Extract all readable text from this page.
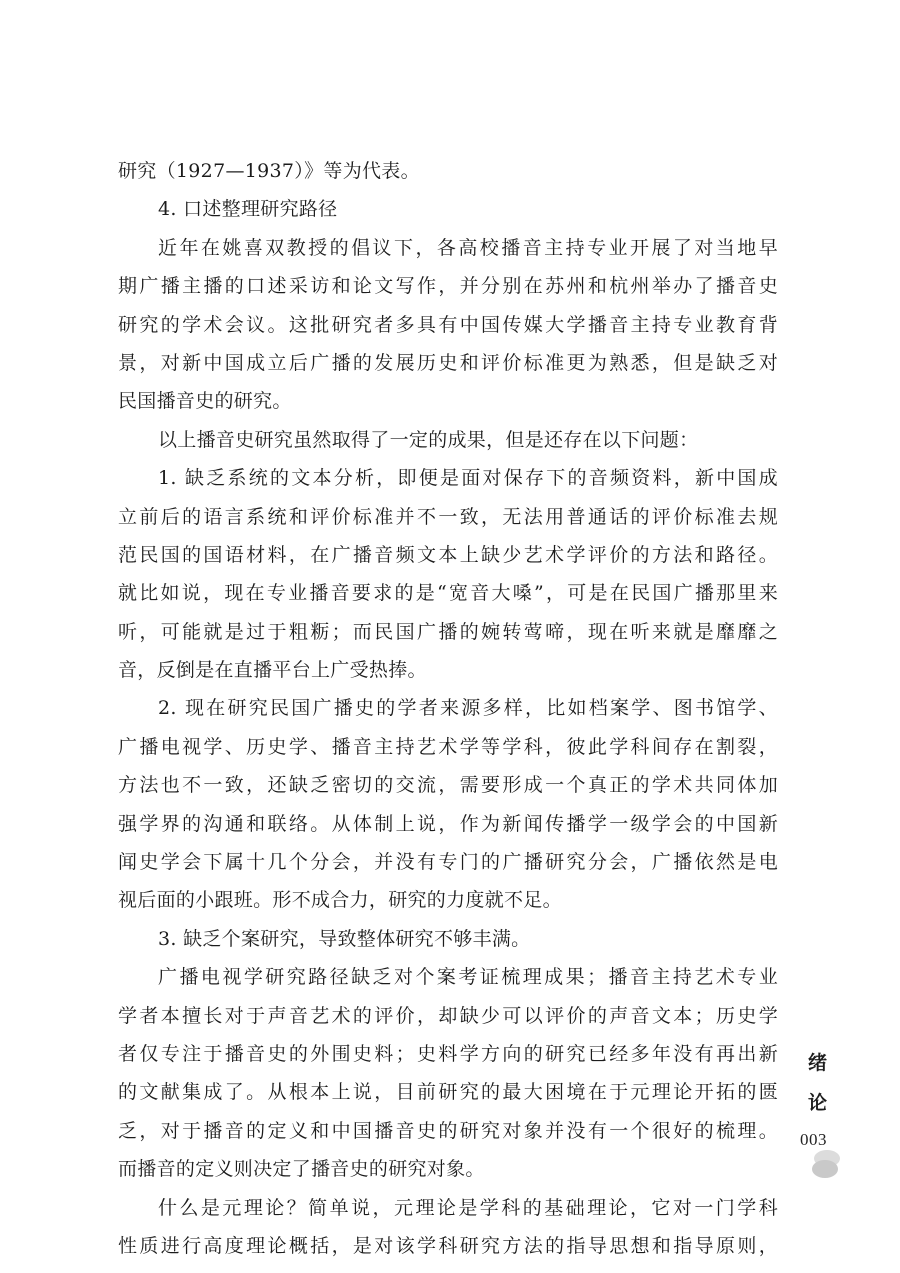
研究（1927—1937）》等为代表。
4. 口述整理研究路径
近年在姚喜双教授的倡议下，各高校播音主持专业开展了对当地早
期广播主播的口述采访和论文写作，并分别在苏州和杭州举办了播音史
研究的学术会议。这批研究者多具有中国传媒大学播音主持专业教育背
景，对新中国成立后广播的发展历史和评价标准更为熟悉，但是缺乏对
民国播音史的研究。
以上播音史研究虽然取得了一定的成果，但是还存在以下问题：
1. 缺乏系统的文本分析，即便是面对保存下的音频资料，新中国成
立前后的语言系统和评价标准并不一致，无法用普通话的评价标准去规
范民国的国语材料，在广播音频文本上缺少艺术学评价的方法和路径。
就比如说，现在专业播音要求的是“宽音大嗓”，可是在民国广播那里来
听，可能就是过于粗粝；而民国广播的婉转莺啼，现在听来就是靡靡之
音，反倒是在直播平台上广受热捧。
2. 现在研究民国广播史的学者来源多样，比如档案学、图书馆学、
广播电视学、历史学、播音主持艺术学等学科，彼此学科间存在割裂，
方法也不一致，还缺乏密切的交流，需要形成一个真正的学术共同体加
强学界的沟通和联络。从体制上说，作为新闻传播学一级学会的中国新
闻史学会下属十几个分会，并没有专门的广播研究分会，广播依然是电
视后面的小跟班。形不成合力，研究的力度就不足。
3. 缺乏个案研究，导致整体研究不够丰满。
广播电视学研究路径缺乏对个案考证梳理成果；播音主持艺术专业
学者本擅长对于声音艺术的评价，却缺少可以评价的声音文本；历史学
者仅专注于播音史的外围史料；史料学方向的研究已经多年没有再出新
的文献集成了。从根本上说，目前研究的最大困境在于元理论开拓的匮
乏，对于播音的定义和中国播音史的研究对象并没有一个很好的梳理。
而播音的定义则决定了播音史的研究对象。
什么是元理论？简单说，元理论是学科的基础理论，它对一门学科
性质进行高度理论概括，是对该学科研究方法的指导思想和指导原则，
绪
论
003
